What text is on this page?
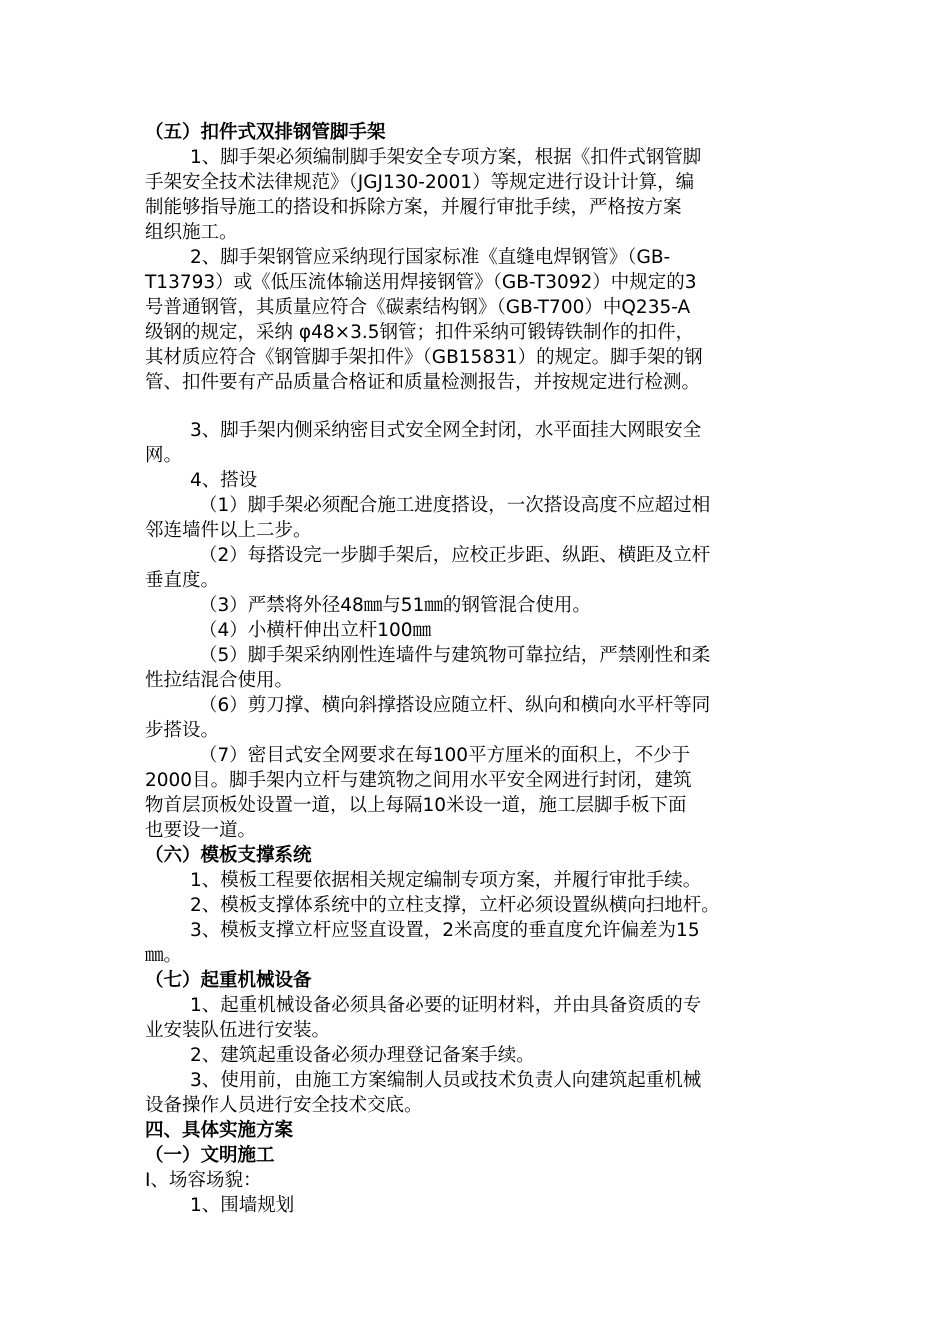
（五）扣件式双排钢管脚手架
1、脚手架必须编制脚手架安全专项方案，根据《扣件式钢管脚
手架安全技术法律规范》（JGJ130-2001）等规定进行设计计算，编
制能够指导施工的搭设和拆除方案，并履行审批手续，严格按方案
组织施工。
2、脚手架钢管应采纳现行国家标准《直缝电焊钢管》（GB-
T13793）或《低压流体输送用焊接钢管》（GB-T3092）中规定的3
号普通钢管，其质量应符合《碳素结构钢》（GB-T700）中Q235-A
级钢的规定，采纳 φ48×3.5钢管；扣件采纳可锻铸铁制作的扣件，
其材质应符合《钢管脚手架扣件》（GB15831）的规定。脚手架的钢
管、扣件要有产品质量合格证和质量检测报告，并按规定进行检测。
3、脚手架内侧采纳密目式安全网全封闭，水平面挂大网眼安全
网。
4、搭设
（1）脚手架必须配合施工进度搭设，一次搭设高度不应超过相
邻连墙件以上二步。
（2）每搭设完一步脚手架后，应校正步距、纵距、横距及立杆
垂直度。
（3）严禁将外径48㎜与51㎜的钢管混合使用。
（4）小横杆伸出立杆100㎜
（5）脚手架采纳刚性连墙件与建筑物可靠拉结，严禁刚性和柔
性拉结混合使用。
（6）剪刀撑、横向斜撑搭设应随立杆、纵向和横向水平杆等同
步搭设。
（7）密目式安全网要求在每100平方厘米的面积上，不少于
2000目。脚手架内立杆与建筑物之间用水平安全网进行封闭，建筑
物首层顶板处设置一道，以上每隔10米设一道，施工层脚手板下面
也要设一道。
（六）模板支撑系统
1、模板工程要依据相关规定编制专项方案，并履行审批手续。
2、模板支撑体系统中的立柱支撑，立杆必须设置纵横向扫地杆。
3、模板支撑立杆应竖直设置，2米高度的垂直度允许偏差为15
㎜。
（七）起重机械设备
1、起重机械设备必须具备必要的证明材料，并由具备资质的专
业安装队伍进行安装。
2、建筑起重设备必须办理登记备案手续。
3、使用前，由施工方案编制人员或技术负责人向建筑起重机械
设备操作人员进行安全技术交底。
四、具体实施方案
（一）文明施工
Ⅰ、场容场貌：
1、围墙规划
